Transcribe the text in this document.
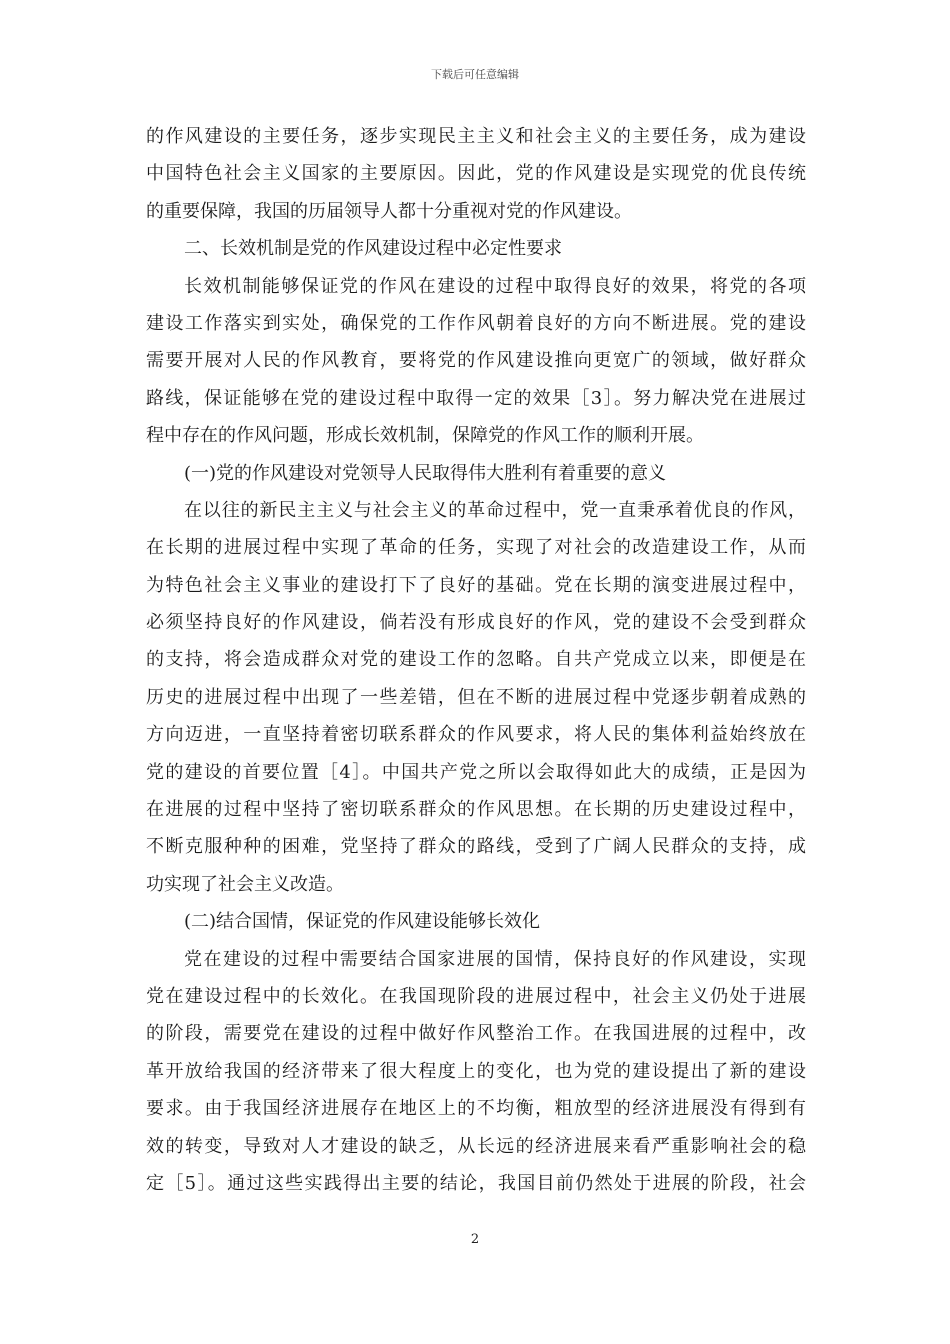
下载后可任意编辑
的作风建设的主要任务，逐步实现民主主义和社会主义的主要任务，成为建设
中国特色社会主义国家的主要原因。因此，党的作风建设是实现党的优良传统
的重要保障，我国的历届领导人都十分重视对党的作风建设。
二、长效机制是党的作风建设过程中必定性要求
长效机制能够保证党的作风在建设的过程中取得良好的效果，将党的各项
建设工作落实到实处，确保党的工作作风朝着良好的方向不断进展。党的建设
需要开展对人民的作风教育，要将党的作风建设推向更宽广的领域，做好群众
路线，保证能够在党的建设过程中取得一定的效果［3］。努力解决党在进展过
程中存在的作风问题，形成长效机制，保障党的作风工作的顺利开展。
(一)党的作风建设对党领导人民取得伟大胜利有着重要的意义
在以往的新民主主义与社会主义的革命过程中，党一直秉承着优良的作风，
在长期的进展过程中实现了革命的任务，实现了对社会的改造建设工作，从而
为特色社会主义事业的建设打下了良好的基础。党在长期的演变进展过程中，
必须坚持良好的作风建设，倘若没有形成良好的作风，党的建设不会受到群众
的支持，将会造成群众对党的建设工作的忽略。自共产党成立以来，即便是在
历史的进展过程中出现了一些差错，但在不断的进展过程中党逐步朝着成熟的
方向迈进，一直坚持着密切联系群众的作风要求，将人民的集体利益始终放在
党的建设的首要位置［4］。中国共产党之所以会取得如此大的成绩，正是因为
在进展的过程中坚持了密切联系群众的作风思想。在长期的历史建设过程中，
不断克服种种的困难，党坚持了群众的路线，受到了广阔人民群众的支持，成
功实现了社会主义改造。
(二)结合国情，保证党的作风建设能够长效化
党在建设的过程中需要结合国家进展的国情，保持良好的作风建设，实现
党在建设过程中的长效化。在我国现阶段的进展过程中，社会主义仍处于进展
的阶段，需要党在建设的过程中做好作风整治工作。在我国进展的过程中，改
革开放给我国的经济带来了很大程度上的变化，也为党的建设提出了新的建设
要求。由于我国经济进展存在地区上的不均衡，粗放型的经济进展没有得到有
效的转变，导致对人才建设的缺乏，从长远的经济进展来看严重影响社会的稳
定［5］。通过这些实践得出主要的结论，我国目前仍然处于进展的阶段，社会
2
